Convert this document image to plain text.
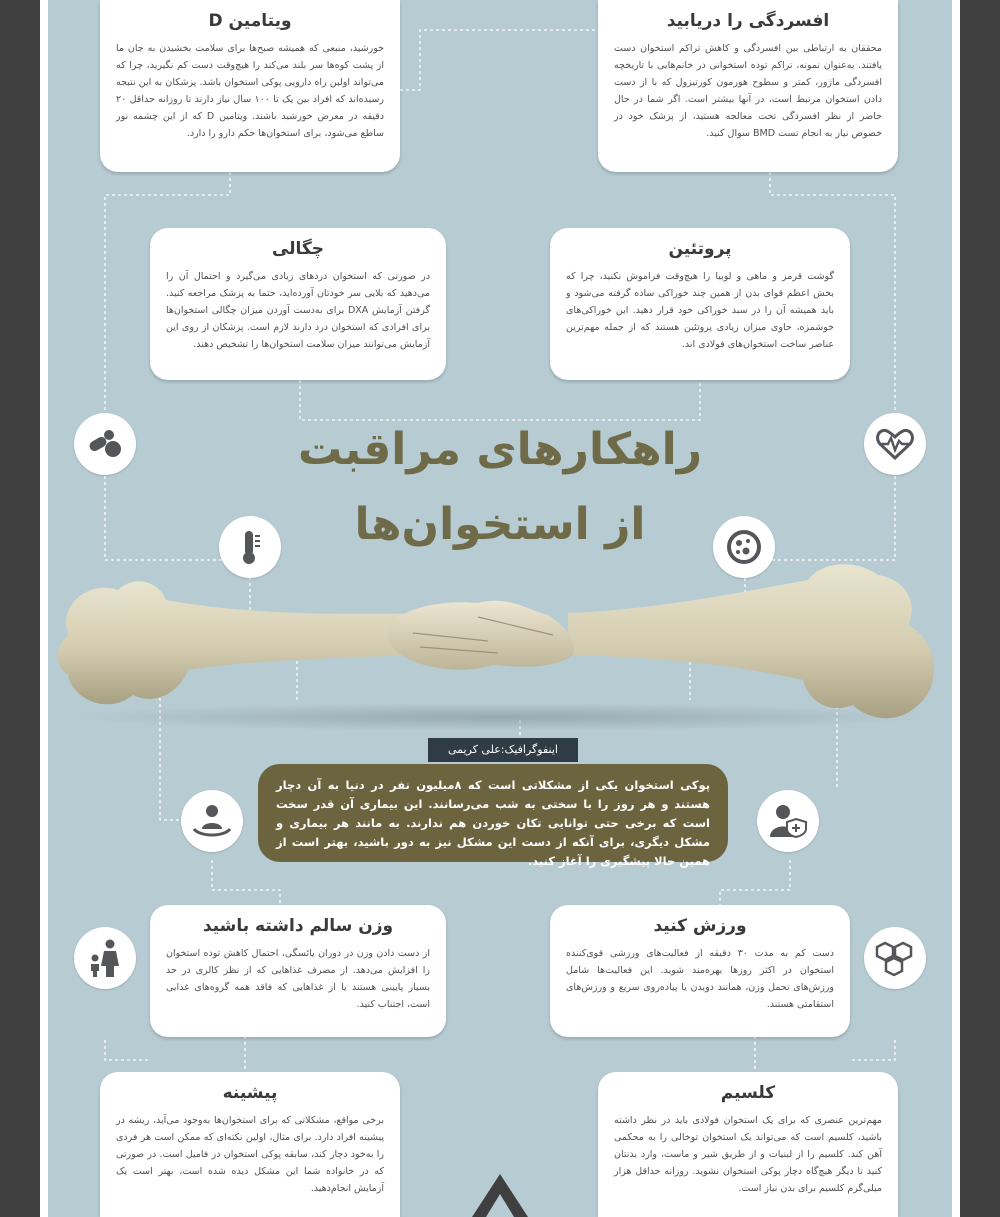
ویتامین D

خورشید، منبعی که همیشه صبح‌ها برای سلامت بخشیدن به جان ما از پشت کوه‌ها سر بلند می‌کند را هیچ‌وقت دست کم نگیرید، چرا که می‌تواند اولین راه دارویی پوکی استخوان باشد. پزشکان به این نتیجه رسیده‌اند که افراد بین یک تا ۱۰۰ سال نیاز دارند تا روزانه حداقل ۲۰ دقیقه در معرض خورشید باشند. ویتامین D که از این چشمه نور ساطع می‌شود، برای استخوان‌ها حکم دارو را دارد.

افسردگی را دریابید

محققان به ارتباطی بین افسردگی و کاهش تراکم استخوان دست یافتند. به‌عنوان نمونه، تراکم توده استخوانی در خانم‌هایی با تاریخچه افسردگی ماژور، کمتر و سطوح هورمون کورتیزول که با از دست دادن استخوان مرتبط است، در آنها بیشتر است. اگر شما در حال حاضر از نظر افسردگی تحت معالجه هستید، از پزشک خود در خصوص نیاز به انجام تست BMD سوال کنید.

چگالی

در صورتی که استخوان دردهای زیادی می‌گیرد و احتمال آن را می‌دهید که بلایی سر خودتان آورده‌اید، حتما به پزشک مراجعه کنید. گرفتن آزمایش DXA برای به‌دست آوردن میزان چگالی استخوان‌ها برای افرادی که استخوان درد دارند لازم است. پزشکان از روی این آزمایش می‌توانند میزان سلامت استخوان‌ها را تشخیص دهند.

پروتئین

گوشت قرمز و ماهی و لوبیا را هیچ‌وقت فراموش نکنید، چرا که بخش اعظم قوای بدن از همین چند خوراکی ساده گرفته می‌شود و باید همیشه آن را در سبد خوراکی خود قرار دهید. این خوراکی‌های خوشمزه، حاوی میزان زیادی پروتئین هستند که از جمله مهم‌ترین عناصر ساخت استخوان‌های فولادی اند.

وزن سالم داشته باشید

از دست دادن وزن در دوران یائسگی، احتمال کاهش توده استخوان را افزایش می‌دهد. از مصرف غذاهایی که از نظر کالری در حد بسیار پایینی هستند یا از غذاهایی که فاقد همه گروه‌های غذایی است، اجتناب کنید.

ورزش کنید

دست کم به مدت ۳۰ دقیقه از فعالیت‌های ورزشی قوی‌کننده استخوان در اکثر روزها بهره‌مند شوید. این فعالیت‌ها شامل ورزش‌های تحمل وزن، همانند دویدن یا پیاده‌روی سریع و ورزش‌های استقامتی هستند.

پیشینه

برخی مواقع، مشکلاتی که برای استخوان‌ها به‌وجود می‌آید، ریشه در پیشینه افراد دارد. برای مثال، اولین نکته‌ای که ممکن است هر فردی را به‌خود دچار کند، سابقه پوکی استخوان در فامیل است. در صورتی که در خانواده شما این مشکل دیده شده است، بهتر است یک آزمایش انجام‌دهید.

کلسیم

مهم‌ترین عنصری که برای یک استخوان فولادی باید در نظر داشته باشید، کلسیم است که می‌تواند یک استخوان توخالی را به محکمی آهن کند. کلسیم را از لبنیات و از طریق شیر و ماست، وارد بدنتان کنید تا دیگر هیچ‌گاه دچار پوکی استخوان نشوید. روزانه حداقل هزار میلی‌گرم کلسیم برای بدن نیاز است.

راهکارهای مراقبت
از استخوان‌ها
اینفوگرافیک:علی کریمی
پوکی استخوان یکی از مشکلاتی است که ۸میلیون نفر در دنیا به آن دچار هستند و هر روز را با سختی به شب می‌رسانند. این بیماری آن قدر سخت است که برخی حتی توانایی تکان خوردن هم ندارند. به مانند هر بیماری و مشکل دیگری، برای آنکه از دست این مشکل نیز به دور باشید، بهتر است از همین حالا پیشگیری را آغاز کنید.
